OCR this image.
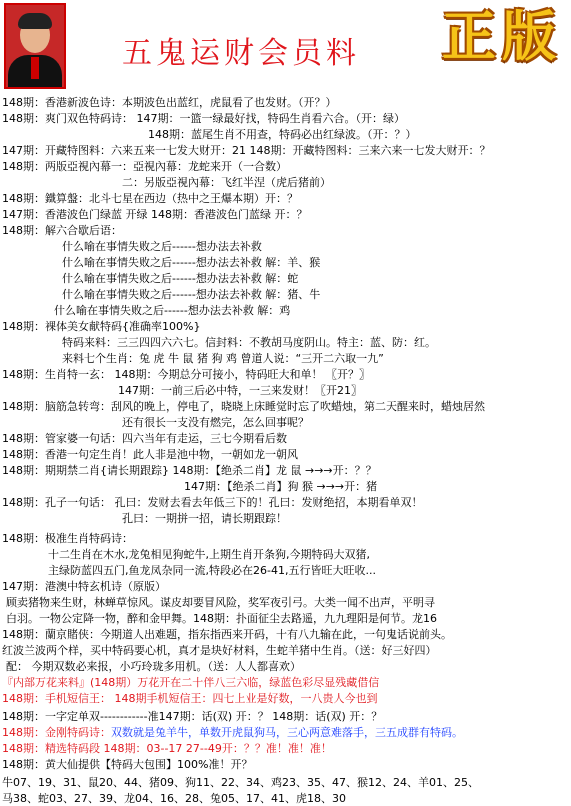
五鬼运财会员料 正版
148期：香港新波色诗：本期波色出蓝红，虎鼠看了也发财。（开？）
148期：爽门双色特码诗： 147期：一篮一绿最好找，特码生肖看六合。（开：绿）
148期：蓝尾生肖不用查，特码必出红绿波。（开：？）
147期：开藏特图料：六来五来一七发大财开：21 148期：开藏特图料：三来六来一七发大财开：？
148期：两版亞視內幕一：亞視內幕：龙蛇来开（一合数）
二：另版亞視內幕：飞红半涅（虎后猪前）
148期：鐵算盤：北斗七星在西边（热中之王爆本期）开：？
147期：香港波色门绿蓝 开绿 148期：香港波色门蓝绿 开：？
148期：解六合歇后语：
什么喻在事情失败之后------想办法去补救
什么喻在事情失败之后------想办法去补救 解：羊、猴
什么喻在事情失败之后------想办法去补救 解：蛇
什么喻在事情失败之后------想办法去补救 解：猪、牛
什么喻在事情失败之后------想办法去补救 解：鸡
148期：裸体美女献特码{准确率100%}
特码来料：三三四四六六七。信封料：不教胡马度阴山。特主：蓝、防：红。
来料七个生肖：兔 虎 牛 鼠 猪 狗 鸡 曾道人说：“三开二六取一九”
148期：生肖特一玄： 148期：今期总分可接小，特码旺大和单！ 〖开？〗
147期：一前三后必中特，一三来发财！〖开21〗
148期：脑筋急转弯：刮风的晚上，停电了，晓晓上床睡觉时忘了吹蜡烛，第二天醒来时，蜡烛居然
还有很长一支没有燃完，怎么回事呢？
148期：管家婆一句话：四六当年有走运，三七今期看后数
148期：香港一句定生肖！此人非是池中物，一朝如龙一朝风
148期：期期禁二肖{请长期跟踪} 148期：【绝杀二肖】龙 鼠 →→→开：？？
147期：【绝杀二肖】狗 猴 →→→开：猪
148期：孔子一句话： 孔曰：发财去看去年低三下的！孔曰：发财绝招，本期看单双！
孔曰：一期拼一招，请长期跟踪！
148期：极准生肖特码诗：
十二生肖在木水,龙兔相见狗蛇牛,上期生肖开条狗,今期特码大双猪,
主绿防蓝四五门,鱼龙凤杂同一流,特段必在26-41,五行皆旺大旺收...
147期：港澳中特玄机诗（原版）
顾卖猪物来生财，林蝉草惊风。谋皮却要冒风险，奖军夜引弓。大类一闻不出声，平明寻
白羽。一物公定降一物，醉和金甲舞。148期：扑面征尘去路遥，九九理阳是何节。龙16
148期：蘭京賭侠：今期道人出难题，指东指西来开码，十有八九输在此，一句鬼话说前头。
红波兰波两个样，买中特码要心机，真才是块好材料，生蛇羊猪中生肖。（送：好三好四）
配： 今期双数必来报，小巧玲珑多用机。（送：人人都喜欢）
『内部万花来料』(148期）万花开在二十伴八三六临，绿蓝色彩尽显残藏借信
148期：手机短信王： 148期手机短信王：四七上业是好数，一八贵人今也到
148期：一字定单双------------准147期：话(双) 开：？ 148期：话(双) 开：？
148期：金刚特码诗：双数就是兔羊牛，单数开虎鼠狗马，三心两意难落手，三五成群有特码。
148期：精选特码段 148期：03--17 27--49开：？？准！准！准！
148期：黄大仙提供【特码大包围】100%准！开？
牛07、19、31、鼠20、44、猪09、狗11、22、34、鸡23、35、47、猴12、24、羊01、25、
马38、蛇03、27、39、龙04、16、28、兔05、17、41、虎18、30
